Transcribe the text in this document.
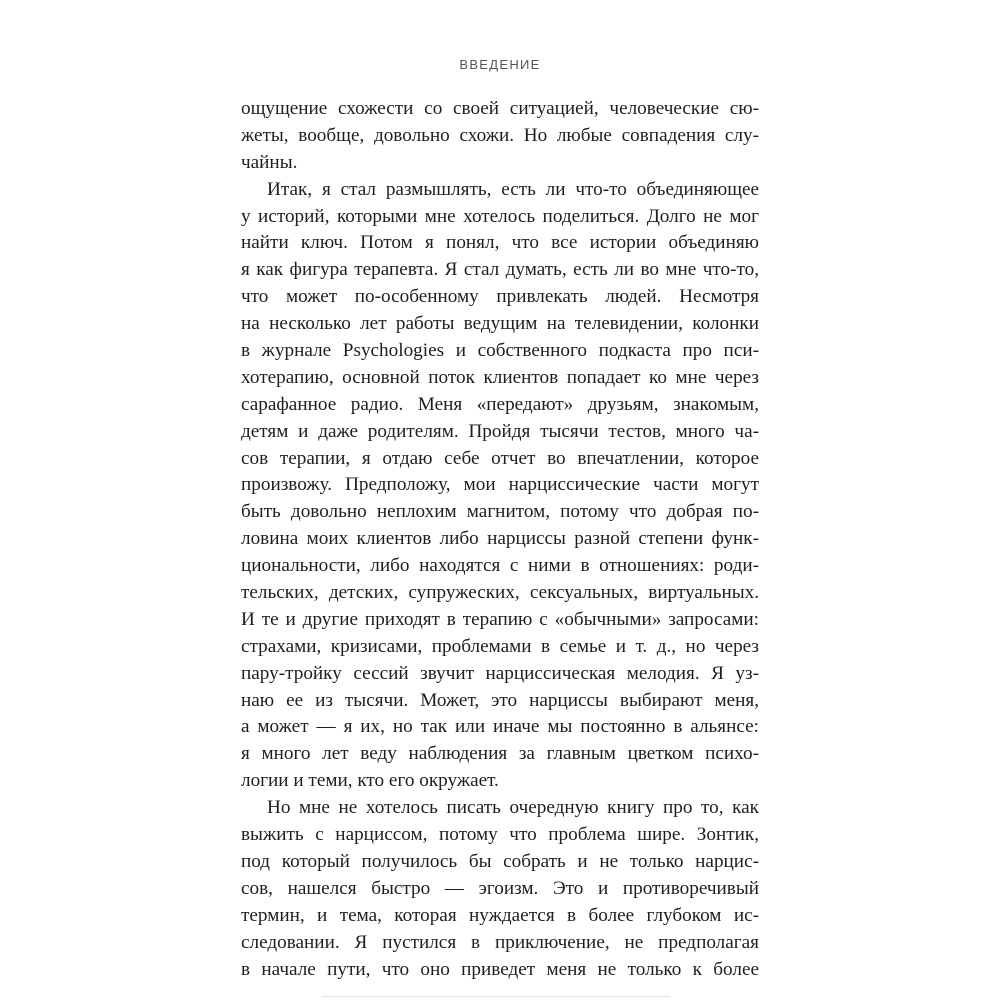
ВВЕДЕНИЕ
ощущение схожести со своей ситуацией, человеческие сю-
жеты, вообще, довольно схожи. Но любые совпадения слу-
чайны.
Итак, я стал размышлять, есть ли что-то объединяющее
у историй, которыми мне хотелось поделиться. Долго не мог
найти ключ. Потом я понял, что все истории объединяю
я как фигура терапевта. Я стал думать, есть ли во мне что-то,
что может по-особенному привлекать людей. Несмотря
на несколько лет работы ведущим на телевидении, колонки
в журнале Psychologies и собственного подкаста про пси-
хотерапию, основной поток клиентов попадает ко мне через
сарафанное радио. Меня «передают» друзьям, знакомым,
детям и даже родителям. Пройдя тысячи тестов, много ча-
сов терапии, я отдаю себе отчет во впечатлении, которое
произвожу. Предположу, мои нарциссические части могут
быть довольно неплохим магнитом, потому что добрая по-
ловина моих клиентов либо нарциссы разной степени функ-
циональности, либо находятся с ними в отношениях: роди-
тельских, детских, супружеских, сексуальных, виртуальных.
И те и другие приходят в терапию с «обычными» запросами:
страхами, кризисами, проблемами в семье и т. д., но через
пару-тройку сессий звучит нарциссическая мелодия. Я уз-
наю ее из тысячи. Может, это нарциссы выбирают меня,
а может — я их, но так или иначе мы постоянно в альянсе:
я много лет веду наблюдения за главным цветком психо-
логии и теми, кто его окружает.
Но мне не хотелось писать очередную книгу про то, как
выжить с нарциссом, потому что проблема шире. Зонтик,
под который получилось бы собрать и не только нарцис-
сов, нашелся быстро — эгоизм. Это и противоречивый
термин, и тема, которая нуждается в более глубоком ис-
следовании. Я пустился в приключение, не предполагая
в начале пути, что оно приведет меня не только к более
